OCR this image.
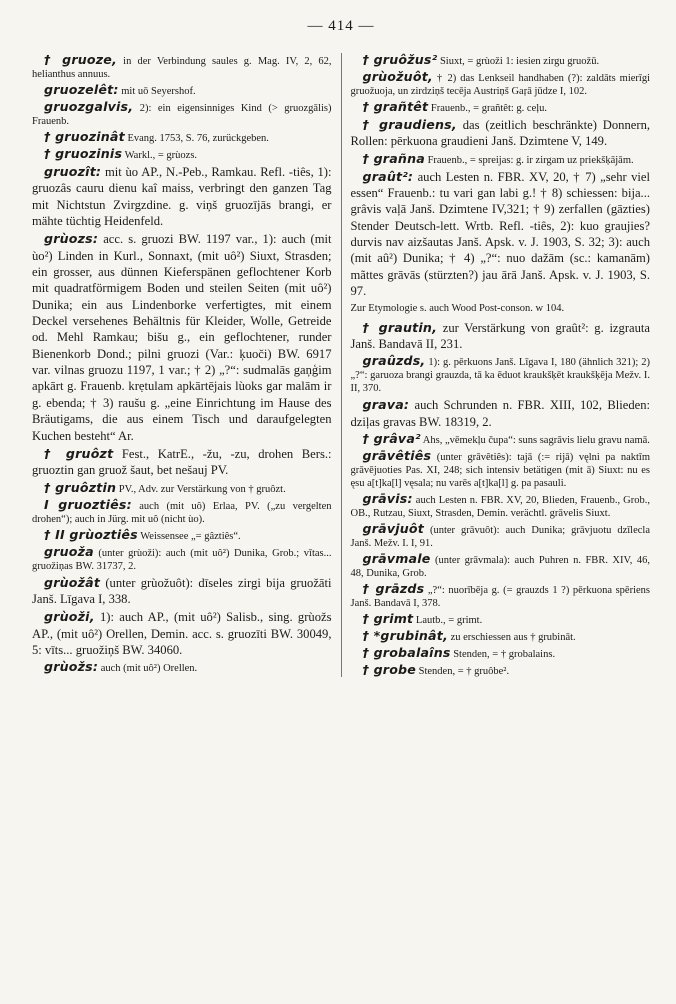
— 414 —

† gruoze, in der Verbindung saules g. Mag. IV, 2, 62, helianthus annuus.

gruozelêt: mit uō Seyershof.

gruozgalvis, 2): ein eigensinniges Kind (> gruozgālis) Frauenb.

† gruozinât Evang. 1753, S. 76, zurückgeben.

† gruozinis Warkl., = grùozs.

gruozît: mit ùo AP., N.-Peb., Ramkau. Refl. -tiês, 1): gruozâs cauru dienu kaî maiss, verbringt den ganzen Tag mit Nichtstun Zvirgzdine. g. viņš gruozījās brangi, er mähte tüchtig Heidenfeld.

grùozs: acc. s. gruozi BW. 1197 var., 1): auch (mit ùo²) Linden in Kurl., Sonnaxt, (mit uô²) Siuxt, Strasden; ein grosser, aus dünnen Kieferspänen geflochtener Korb mit quadratförmigem Boden und steilen Seiten (mit uô²) Dunika; ein aus Lindenborke verfertigtes, mit einem Deckel versehenes Behältnis für Kleider, Wolle, Getreide od. Mehl Ramkau; bišu g., ein geflochtener, runder Bienenkorb Dond.; pilni gruozi (Var.: ķuoči) BW. 6917 var. vilnas gruozu 1197, 1 var.; † 2) „?“: sudmalās gaņģim apkārt g. Frauenb. krẹtulam apkārtējais lùoks gar malām ir g. ebenda; † 3) raušu g. „eine Einrichtung im Hause des Bräutigams, die aus einem Tisch und daraufgelegten Kuchen besteht“ Ar.

† gruôzt Fest., KatrE., -žu, -zu, drohen Bers.: gruoztin gan gruož šaut, bet nešauj PV.

† gruôztin PV., Adv. zur Verstärkung von † gruôzt.

I gruoztiês: auch (mit uô) Erlaa, PV. („zu vergelten drohen“); auch in Jürg. mit uô (nicht ùo).

† II grùoztiês Weissensee „= gâztiês“.

gruoža (unter grùoži): auch (mit uô²) Dunika, Grob.; vītas... gruožiņas BW. 31737, 2.

grùožât (unter grùožuôt): dīseles zirgi bija gruožāti Janš. Līgava I, 338.

grùoži, 1): auch AP., (mit uô²) Salisb., sing. grùožs AP., (mit uô²) Orellen, Demin. acc. s. gruozīti BW. 30049, 5: vīts... gruožiņš BW. 34060.

grùožs: auch (mit uô²) Orellen.

† gruôžus² Siuxt, = grùoži 1: iesien zirgu gruožū.

grùožuôt, † 2) das Lenkseil handhaben (?): zaldāts mierīgi gruožuoja, un zirdziņš tecēja Austriņš Gaŗā jūdze I, 102.

† grañtêt Frauenb., = grañtêt: g. ceļu.

† graudiens, das (zeitlich beschränkte) Donnern, Rollen: pērkuona graudieni Janš. Dzimtene V, 149.

† grañna Frauenb., = spreijas: g. ir zirgam uz priekšķājām.

graût²: auch Lesten n. FBR. XV, 20, † 7) „sehr viel essen“ Frauenb.: tu vari gan labi g.! † 8) schiessen: bija... grâvis vaļā Janš. Dzimtene IV,321; † 9) zerfallen (gāzties) Stender Deutsch-lett. Wrtb. Refl. -tiês, 2): kuo graujies? durvis nav aizšautas Janš. Apsk. v. J. 1903, S. 32; 3): auch (mit aû²) Dunika; † 4) „?“: nuo dažām (sc.: kamanām) mãttes grāvās (stürzten?) jau ārā Janš. Apsk. v. J. 1903, S. 97.

Zur Etymologie s. auch Wood Post-conson. w 104.

† grautin, zur Verstärkung von graût²: g. izgrauta Janš. Bandavā II, 231.

graûzds, 1): g. pērkuons Janš. Līgava I, 180 (ähnlich 321); 2) „?“: garuoza brangi grauzda, tā ka ēduot kraukšķēt kraukšķēja Mežv. I. II, 370.

grava: auch Schrunden n. FBR. XIII, 102, Blieden: dziļas gravas BW. 18319, 2.

† grâva² Ahs, „vēmekļu čupa“: suns sagrāvis lielu gravu namā.

grāvêtiês (unter grāvêtiês): tajā (:= rijā) vęlni pa naktīm grāvējuoties Pas. XI, 248; sich intensiv betätigen (mit ā) Siuxt: nu es ęsu a[t]ka[l] vęsala; nu varēs a[t]ka[l] g. pa pasauli.

grāvis: auch Lesten n. FBR. XV, 20, Blieden, Frauenb., Grob., OB., Rutzau, Siuxt, Strasden, Demin. verächtl. grāvelis Siuxt.

grāvjuôt (unter grāvuôt): auch Dunika; grāvjuotu dzīlecla Janš. Mežv. I. I, 91.

grāvmale (unter grāvmala): auch Puhren n. FBR. XIV, 46, 48, Dunika, Grob.

† grāzds „?“: nuorībēja g. (= grauzds 1 ?) pērkuona spēriens Janš. Bandavā I, 378.

† grimt Lautb., = grimt.

† *grubinât, zu erschiessen aus † grubināt.

† grobalaîns Stenden, = † grobalains.

† grobe Stenden, = † gruôbe².
